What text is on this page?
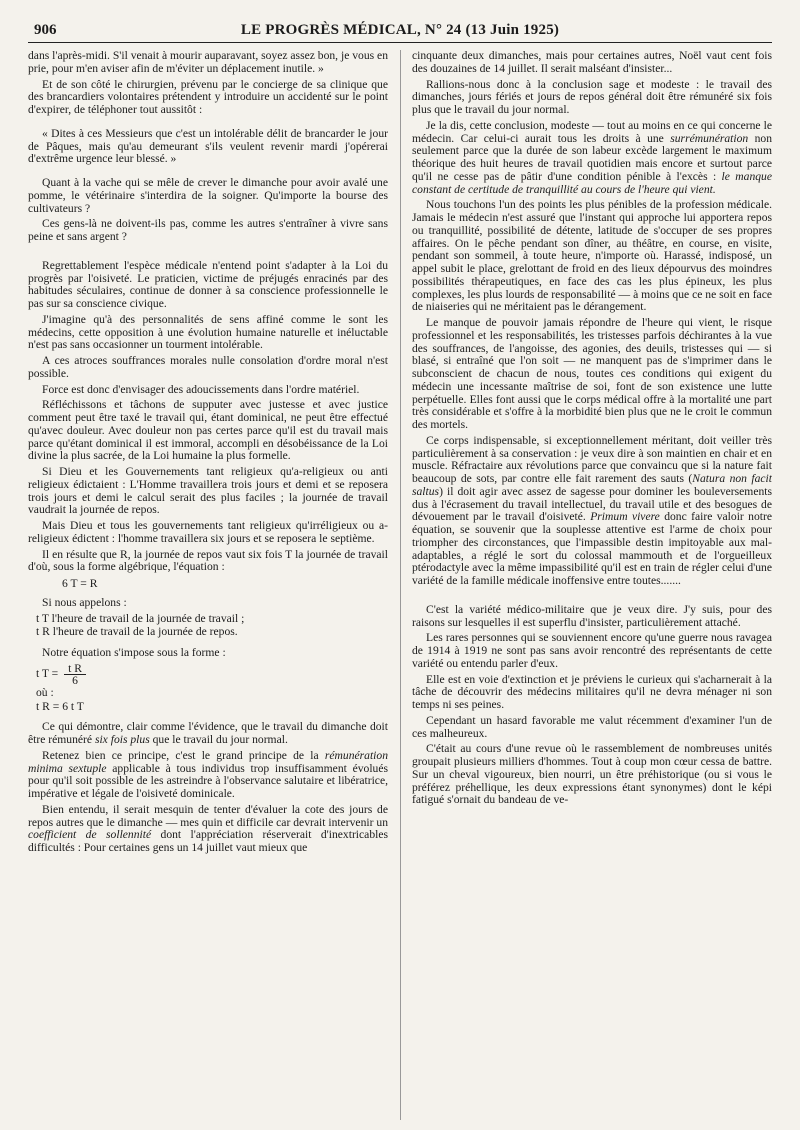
906	LE PROGRÈS MÉDICAL, N° 24 (13 Juin 1925)

dans l'après-midi. S'il venait à mourir auparavant, soyez assez bon, je vous en prie, pour m'en aviser afin de m'éviter un déplacement inutile. »

Et de son côté le chirurgien, prévenu par le concierge de sa clinique que des brancardiers volontaires prétendent y introduire un accidenté sur le point d'expirer, de téléphoner tout aussitôt :

« Dites à ces Messieurs que c'est un intolérable délit de brancarder le jour de Pâques, mais qu'au demeurant s'ils veulent revenir mardi j'opérerai d'extrême urgence leur blessé. »

Quant à la vache qui se mêle de crever le dimanche pour avoir avalé une pomme, le vétérinaire s'interdira de la soigner. Qu'importe la bourse des cultivateurs ?

Ces gens-là ne doivent-ils pas, comme les autres s'entraîner à vivre sans peine et sans argent ?

Regrettablement l'espèce médicale n'entend point s'adapter à la Loi du progrès par l'oisiveté. Le praticien, victime de préjugés enracinés par des habitudes séculaires, continue de donner à sa conscience professionnelle le pas sur sa conscience civique.

J'imagine qu'à des personnalités de sens affiné comme le sont les médecins, cette opposition à une évolution humaine naturelle et inéluctable n'est pas sans occasionner un tourment intolérable.

A ces atroces souffrances morales nulle consolation d'ordre moral n'est possible.

Force est donc d'envisager des adoucissements dans l'ordre matériel.

Réfléchissons et tâchons de supputer avec justesse et avec justice comment peut être taxé le travail qui, étant dominical, ne peut être effectué qu'avec douleur. Avec douleur non pas certes parce qu'il est du travail mais parce qu'étant dominical il est immoral, accompli en désobéissance de la Loi divine la plus sacrée, de la Loi humaine la plus formelle.

Si Dieu et les Gouvernements tant religieux qu'a-religieux ou anti religieux édictaient : L'Homme travaillera trois jours et demi et se reposera trois jours et demi le calcul serait des plus faciles ; la journée de travail vaudrait la journée de repos.

Mais Dieu et tous les gouvernements tant religieux qu'irréligieux ou a-religieux édictent : l'homme travaillera six jours et se reposera le septième.

Il en résulte que R, la journée de repos vaut six fois T la journée de travail d'où, sous la forme algébrique, l'équation :

6 T = R

Si nous appelons :

t T l'heure de travail de la journée de travail ;

t R l'heure de travail de la journée de repos.

Notre équation s'impose sous la forme :

t $T = \frac{\text{t R}}{6}$

où :

t R = 6 t T

Ce qui démontre, clair comme l'évidence, que le travail du dimanche doit être rémunéré six fois plus que le travail du jour normal.

Retenez bien ce principe, c'est le grand principe de la rémunération minima sextuple applicable à tous individus trop insuffisamment évolués pour qu'il soit possible de les astreindre à l'observance salutaire et libératrice, impérative et légale de l'oisiveté dominicale.

Bien entendu, il serait mesquin de tenter d'évaluer la cote des jours de repos autres que le dimanche — mes quin et difficile car devrait intervenir un coefficient de sollennité dont l'appréciation réserverait d'inextricables difficultés : Pour certaines gens un 14 juillet vaut mieux que

cinquante deux dimanches, mais pour certaines autres, Noël vaut cent fois des douzaines de 14 juillet. Il serait malséant d'insister...

Rallions-nous donc à la conclusion sage et modeste : le travail des dimanches, jours fériés et jours de repos général doit être rémunéré six fois plus que le travail du jour normal.

Je la dis, cette conclusion, modeste — tout au moins en ce qui concerne le médecin. Car celui-ci aurait tous les droits à une surrémunération non seulement parce que la durée de son labeur excède largement le maximum théorique des huit heures de travail quotidien mais encore et surtout parce qu'il ne cesse pas de pâtir d'une condition pénible à l'excès : le manque constant de certitude de tranquillité au cours de l'heure qui vient.

Nous touchons l'un des points les plus pénibles de la profession médicale. Jamais le médecin n'est assuré que l'instant qui approche lui apportera repos ou tranquillité, possibilité de détente, latitude de s'occuper de ses propres affaires. On le pêche pendant son dîner, au théâtre, en course, en visite, pendant son sommeil, à toute heure, n'importe où. Harassé, indisposé, un appel subit le place, grelottant de froid en des lieux dépourvus des moindres possibilités thérapeutiques, en face des cas les plus épineux, les plus complexes, les plus lourds de responsabilité — à moins que ce ne soit en face de niaiseries qui ne méritaient pas le dérangement.

Le manque de pouvoir jamais répondre de l'heure qui vient, le risque professionnel et les responsabilités, les tristesses parfois déchirantes à la vue des souffrances, de l'angoisse, des agonies, des deuils, tristesses qui — si blasé, si entraîné que l'on soit — ne manquent pas de s'imprimer dans le subconscient de chacun de nous, toutes ces conditions qui exigent du médecin une incessante maîtrise de soi, font de son existence une lutte perpétuelle. Elles font aussi que le corps médical offre à la mortalité une part très considérable et s'offre à la morbidité bien plus que ne le croit le commun des mortels.

Ce corps indispensable, si exceptionnellement méritant, doit veiller très particulièrement à sa conservation : je veux dire à son maintien en chair et en muscle. Réfractaire aux révolutions parce que convaincu que si la nature fait beaucoup de sots, par contre elle fait rarement des sauts (Natura non facit saltus) il doit agir avec assez de sagesse pour dominer les bouleversements dus à l'écrasement du travail intellectuel, du travail utile et des besogues de dévouement par le travail d'oisiveté. Primum vivere donc faire valoir notre équation, se souvenir que la souplesse attentive est l'arme de choix pour triompher des circonstances, que l'impassible destin impitoyable aux mal-adaptables, a réglé le sort du colossal mammouth et de l'orgueilleux ptérodactyle avec la même impassibilité qu'il est en train de régler celui d'une variété de la famille médicale inoffensive entre toutes.......

C'est la variété médico-militaire que je veux dire. J'y suis, pour des raisons sur lesquelles il est superflu d'insister, particulièrement attaché.

Les rares personnes qui se souviennent encore qu'une guerre nous ravagea de 1914 à 1919 ne sont pas sans avoir rencontré des représentants de cette variété ou entendu parler d'eux.

Elle est en voie d'extinction et je préviens le curieux qui s'acharnerait à la tâche de découvrir des médecins militaires qu'il ne devra ménager ni son temps ni ses peines.

Cependant un hasard favorable me valut récemment d'examiner l'un de ces malheureux.

C'était au cours d'une revue où le rassemblement de nombreuses unités groupait plusieurs milliers d'hommes. Tout à coup mon cœur cessa de battre. Sur un cheval vigoureux, bien nourri, un être préhistorique (ou si vous le préférez préhellique, les deux expressions étant synonymes) dont le képi fatigué s'ornait du bandeau de ve-
